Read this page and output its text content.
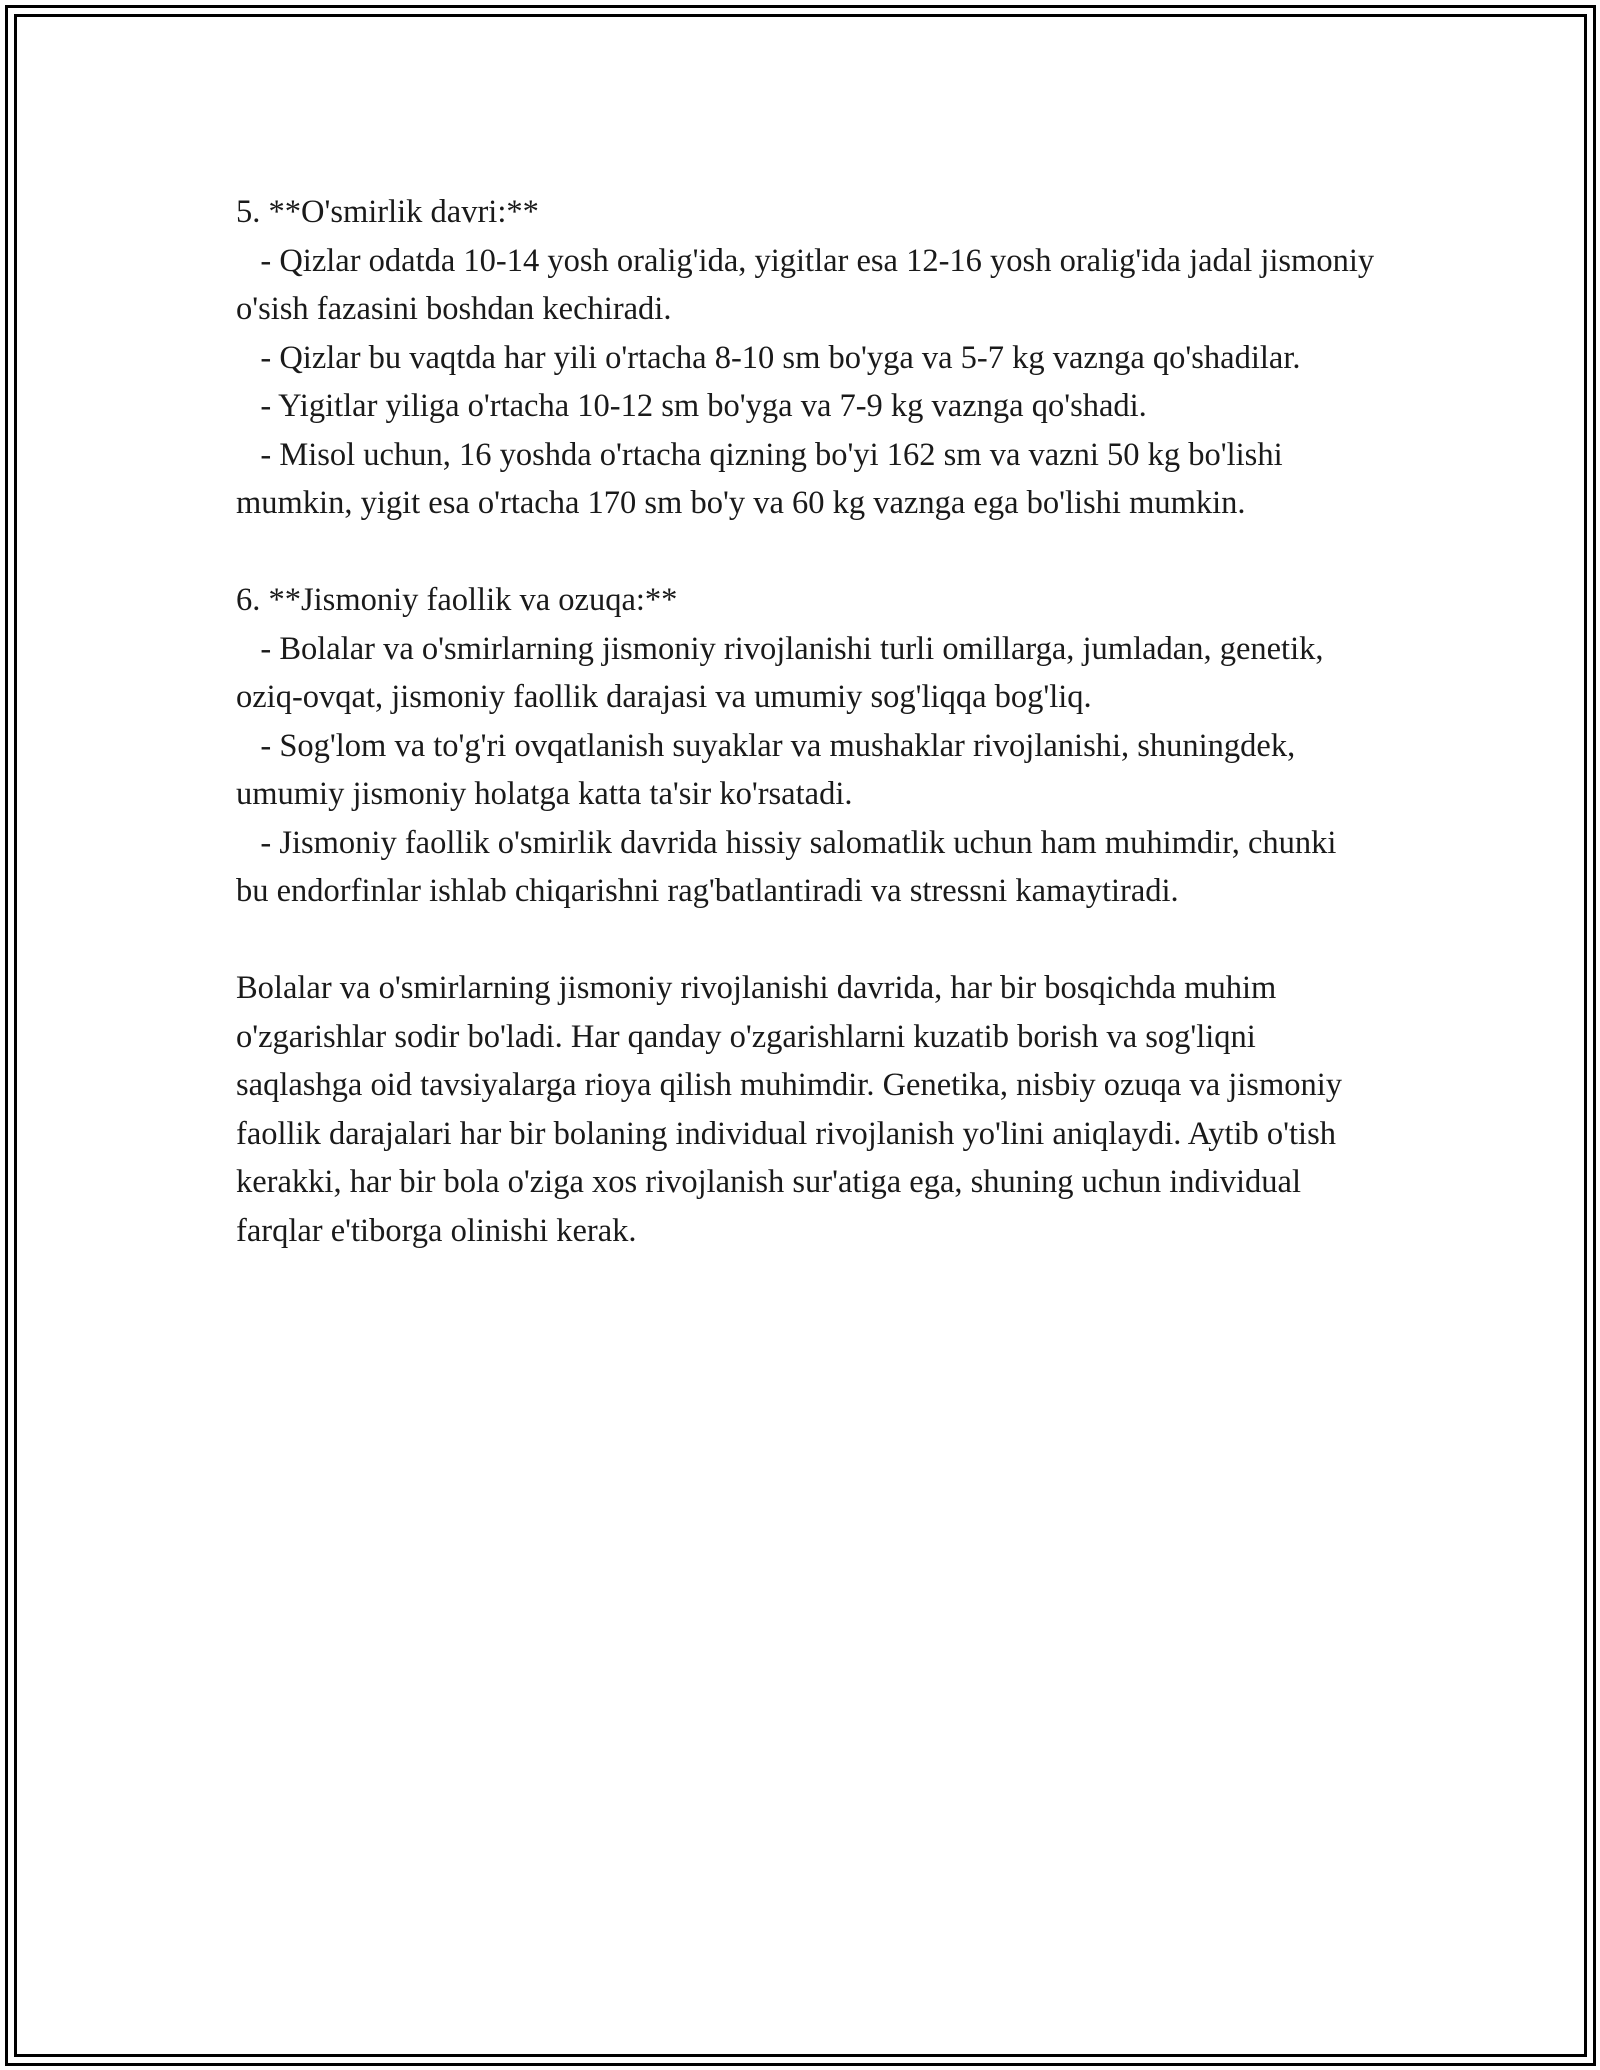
5. **O'smirlik davri:**

- Qizlar odatda 10-14 yosh oralig'ida, yigitlar esa 12-16 yosh oralig'ida jadal jismoniy o'sish fazasini boshdan kechiradi.

- Qizlar bu vaqtda har yili o'rtacha 8-10 sm bo'yga va 5-7 kg vaznga qo'shadilar.

- Yigitlar yiliga o'rtacha 10-12 sm bo'yga va 7-9 kg vaznga qo'shadi.

- Misol uchun, 16 yoshda o'rtacha qizning bo'yi 162 sm va vazni 50 kg bo'lishi mumkin, yigit esa o'rtacha 170 sm bo'y va 60 kg vaznga ega bo'lishi mumkin.

6. **Jismoniy faollik va ozuqa:**

- Bolalar va o'smirlarning jismoniy rivojlanishi turli omillarga, jumladan, genetik, oziq-ovqat, jismoniy faollik darajasi va umumiy sog'liqqa bog'liq.

- Sog'lom va to'g'ri ovqatlanish suyaklar va mushaklar rivojlanishi, shuningdek, umumiy jismoniy holatga katta ta'sir ko'rsatadi.

- Jismoniy faollik o'smirlik davrida hissiy salomatlik uchun ham muhimdir, chunki bu endorfinlar ishlab chiqarishni rag'batlantiradi va stressni kamaytiradi.

Bolalar va o'smirlarning jismoniy rivojlanishi davrida, har bir bosqichda muhim o'zgarishlar sodir bo'ladi. Har qanday o'zgarishlarni kuzatib borish va sog'liqni saqlashga oid tavsiyalarga rioya qilish muhimdir. Genetika, nisbiy ozuqa va jismoniy faollik darajalari har bir bolaning individual rivojlanish yo'lini aniqlaydi. Aytib o'tish kerakki, har bir bola o'ziga xos rivojlanish sur'atiga ega, shuning uchun individual farqlar e'tiborga olinishi kerak.
